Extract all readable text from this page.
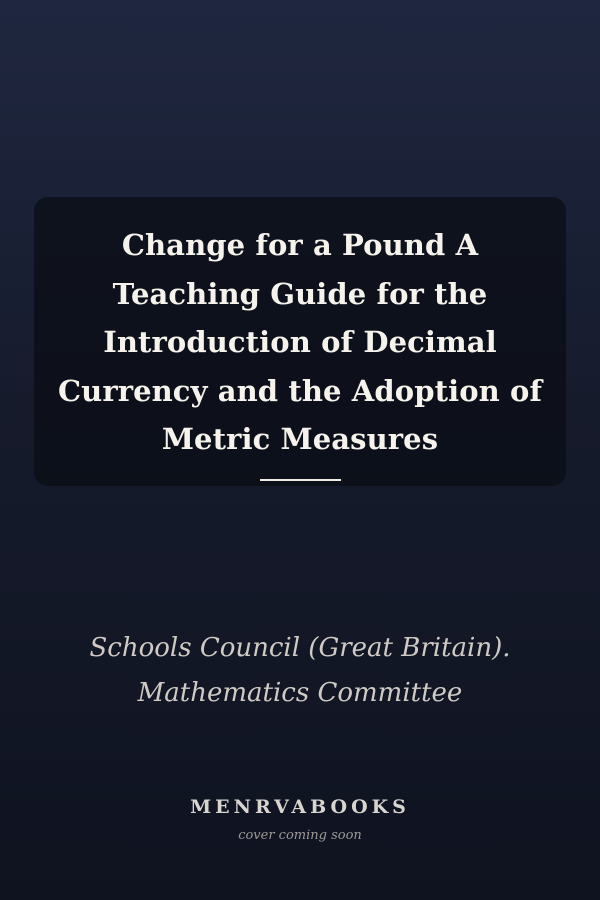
Change for a Pound A Teaching Guide for the Introduction of Decimal Currency and the Adoption of Metric Measures

Schools Council (Great Britain). Mathematics Committee

MENRVABOOKS
cover coming soon
